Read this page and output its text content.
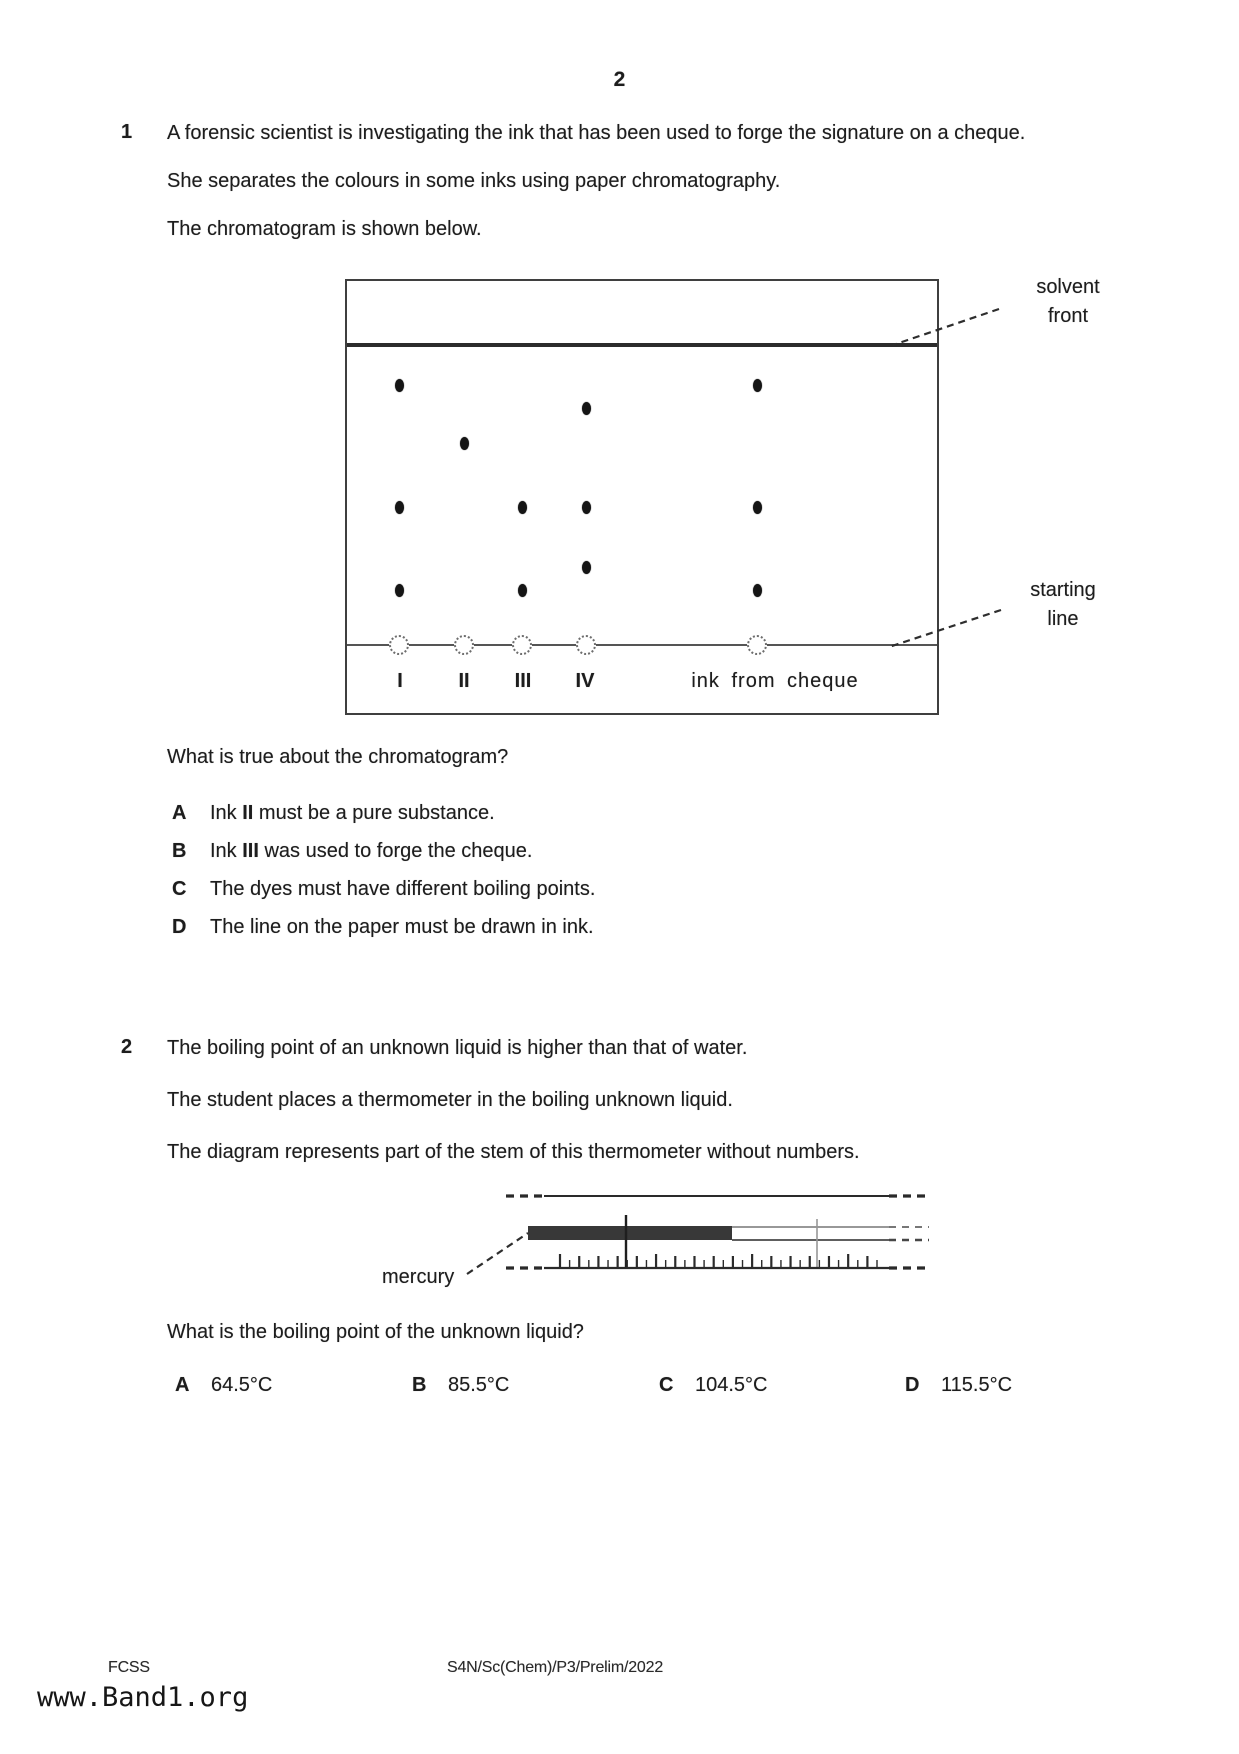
2
1 A forensic scientist is investigating the ink that has been used to forge the signature on a cheque.
She separates the colours in some inks using paper chromatography.
The chromatogram is shown below.
I	II III IV	ink from cheque
solvent
front
starting
line
What is true about the chromatogram?
A Ink II must be a pure substance.
B Ink III was used to forge the cheque.
C The dyes must have different boiling points.
D The line on the paper must be drawn in ink.
2 The boiling point of an unknown liquid is higher than that of water.
The student places a thermometer in the boiling unknown liquid.
The diagram represents part of the stem of this thermometer without numbers.
mercury
What is the boiling point of the unknown liquid?
A 64.5°C	B 85.5°C	C 104.5°C	D 115.5°C
FCSS	S4N/Sc(Chem)/P3/Prelim/2022
www.Band1.org
